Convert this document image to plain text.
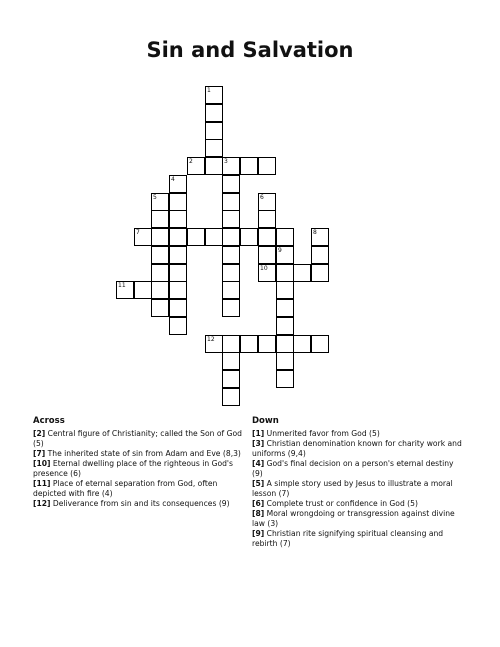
Sin and Salvation
1
2	3
4
5	6
7	8
9
10
11
12
Across

[2] Central figure of Christianity; called the Son of God (5)

[7] The inherited state of sin from Adam and Eve (8,3)

[10] Eternal dwelling place of the righteous in God's presence (6)

[11] Place of eternal separation from God, often depicted with fire (4)

[12] Deliverance from sin and its consequences (9)

Down

[1] Unmerited favor from God (5)

[3] Christian denomination known for charity work and uniforms (9,4)

[4] God's final decision on a person's eternal destiny (9)

[5] A simple story used by Jesus to illustrate a moral lesson (7)

[6] Complete trust or confidence in God (5)

[8] Moral wrongdoing or transgression against divine law (3)

[9] Christian rite signifying spiritual cleansing and rebirth (7)
